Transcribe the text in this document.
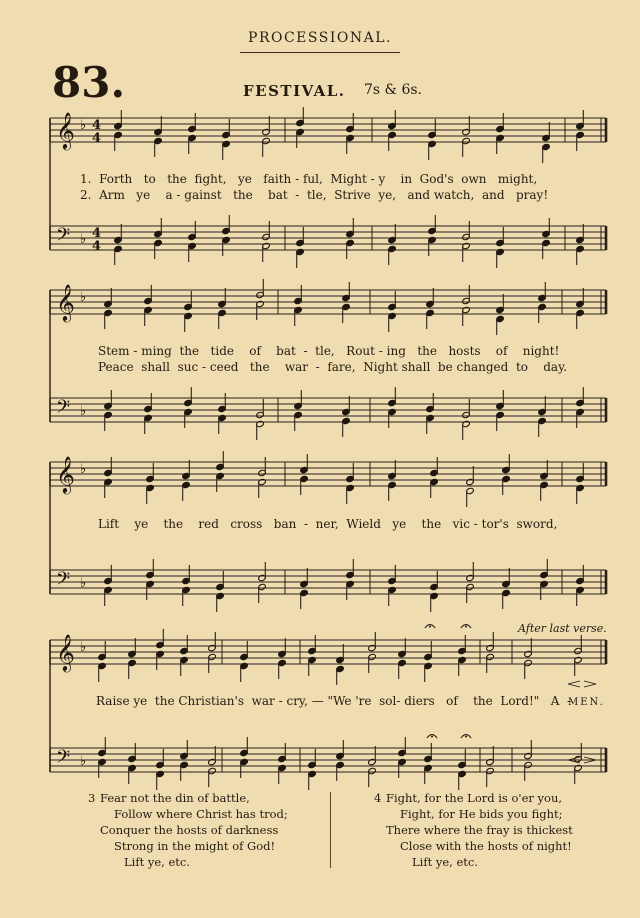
PROCESSIONAL.
83.	FESTIVAL. 7s & 6s.
𝄞 ♭ 4
4
𝄢 ♭ 4
4
𝄞 ♭
𝄢 ♭
𝄞 ♭
𝄢 ♭
𝄞 ♭
𝄢 ♭
1.  Forth   to   the  fight,   ye   faith - ful,  Might - y    in  God's  own   might,
2.  Arm   ye    a - gainst   the    bat  -  tle,  Strive  ye,   and watch,  and   pray!
Stem - ming  the   tide    of    bat  -  tle,   Rout - ing   the   hosts    of    night!
Peace  shall  suc - ceed   the    war  -  fare,  Night shall  be changed  to    day.
Lift    ye    the    red   cross   ban  -  ner,  Wield   ye    the   vic - tor's  sword,
After last verse.
Raise ye  the Christian's  war - cry, — "We 're  sol- diers   of    the  Lord!"   A  -
MEN.
3 Fear not the din of battle,
Follow where Christ has trod;
Conquer the hosts of darkness
Strong in the might of God!
Lift ye, etc.
4 Fight, for the Lord is o'er you,
Fight, for He bids you fight;
There where the fray is thickest
Close with the hosts of night!
Lift ye, etc.
